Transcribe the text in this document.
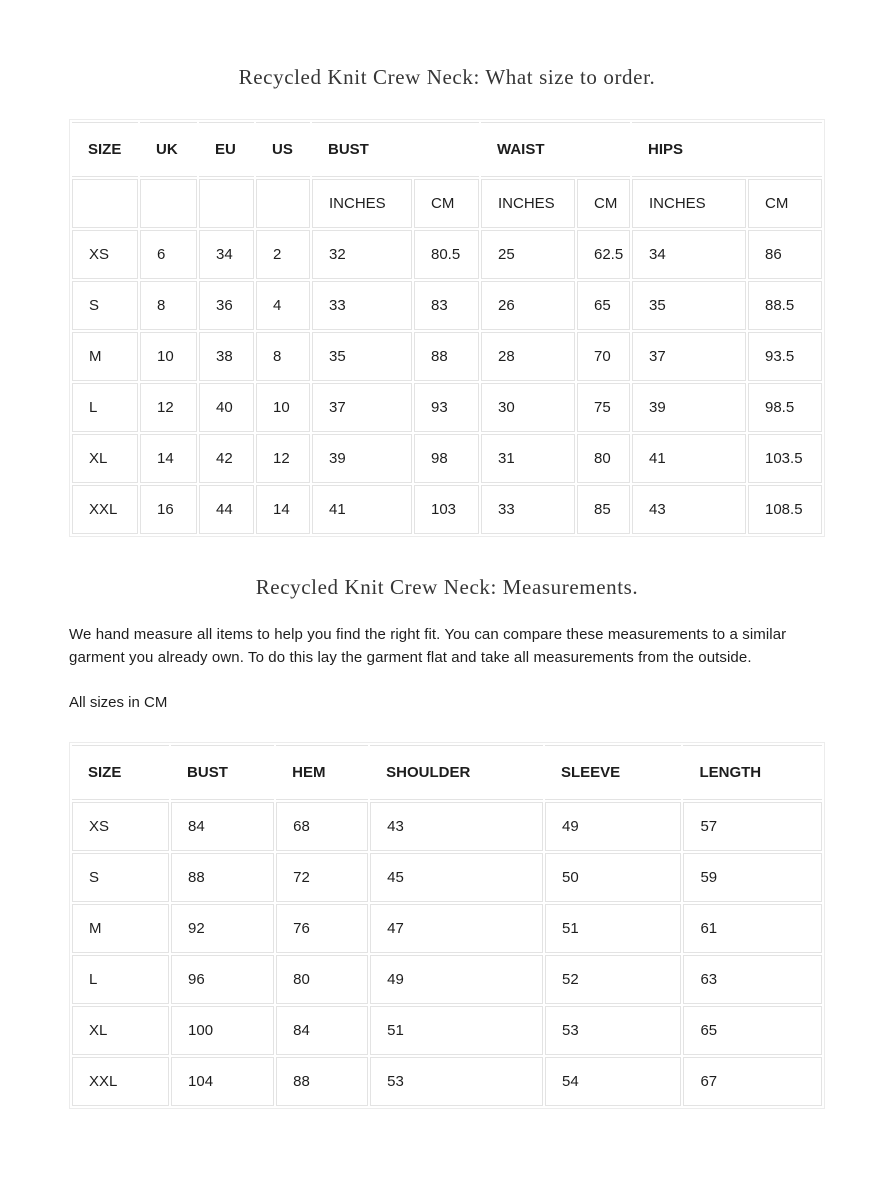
Recycled Knit Crew Neck: What size to order.
SIZE	UK	EU	US	BUST		WAIST		HIPS	
				INCHES	CM	INCHES	CM	INCHES	CM
XS	6	34	2	32	80.5	25	62.5	34	86
S	8	36	4	33	83	26	65	35	88.5
M	10	38	8	35	88	28	70	37	93.5
L	12	40	10	37	93	30	75	39	98.5
XL	14	42	12	39	98	31	80	41	103.5
XXL	16	44	14	41	103	33	85	43	108.5
Recycled Knit Crew Neck: Measurements.

We hand measure all items to help you find the right fit. You can compare these measurements to a similar garment you already own. To do this lay the garment flat and take all measurements from the outside.

All sizes in CM

SIZE	BUST	HEM	SHOULDER	SLEEVE	LENGTH
XS	84	68	43	49	57
S	88	72	45	50	59
M	92	76	47	51	61
L	96	80	49	52	63
XL	100	84	51	53	65
XXL	104	88	53	54	67
